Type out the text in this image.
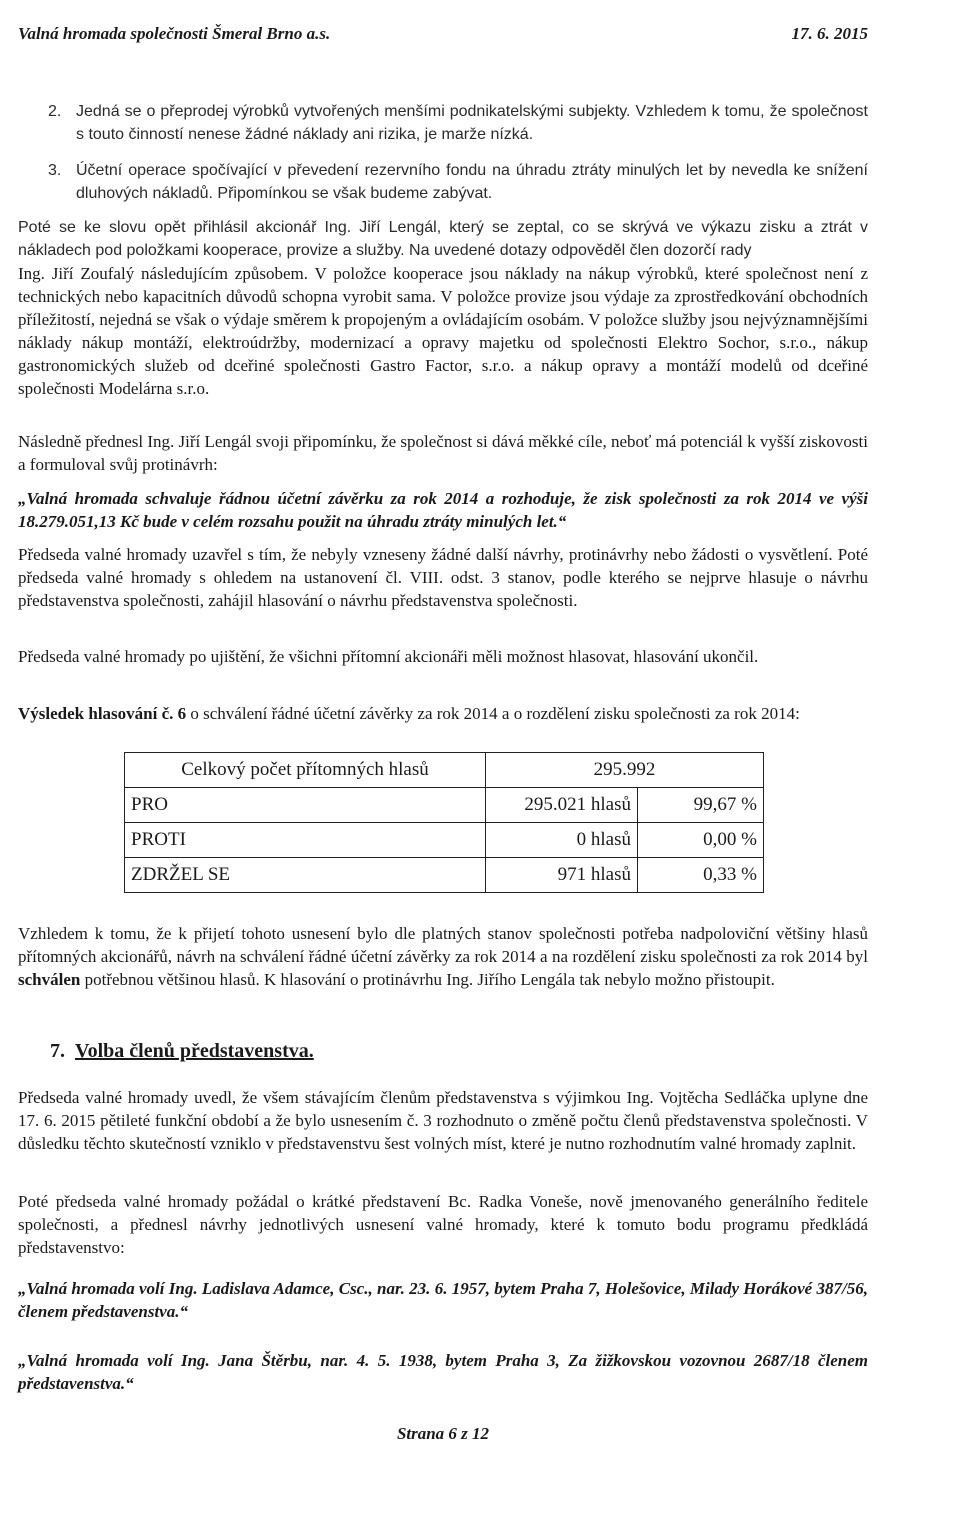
Valná hromada společnosti Šmeral Brno a.s.	17. 6. 2015
2. Jedná se o přeprodej výrobků vytvořených menšími podnikatelskými subjekty. Vzhledem k tomu, že společnost s touto činností nenese žádné náklady ani rizika, je marže nízká.
3. Účetní operace spočívající v převedení rezervního fondu na úhradu ztráty minulých let by nevedla ke snížení dluhových nákladů. Připomínkou se však budeme zabývat.
Poté se ke slovu opět přihlásil akcionář Ing. Jiří Lengál, který se zeptal, co se skrývá ve výkazu zisku a ztrát v nákladech pod položkami kooperace, provize a služby. Na uvedené dotazy odpověděl člen dozorčí rady
Ing. Jiří Zoufalý následujícím způsobem. V položce kooperace jsou náklady na nákup výrobků, které společnost není z technických nebo kapacitních důvodů schopna vyrobit sama. V položce provize jsou výdaje za zprostředkování obchodních příležitostí, nejedná se však o výdaje směrem k propojeným a ovládajícím osobám. V položce služby jsou nejvýznamnějšími náklady nákup montáží, elektroúdržby, modernizací a opravy majetku od společnosti Elektro Sochor, s.r.o., nákup gastronomických služeb od dceřiné společnosti Gastro Factor, s.r.o. a nákup opravy a montáží modelů od dceřiné společnosti Modelárna s.r.o.
Následně přednesl Ing. Jiří Lengál svoji připomínku, že společnost si dává měkké cíle, neboť má potenciál k vyšší ziskovosti a formuloval svůj protinávrh:
„Valná hromada schvaluje řádnou účetní závěrku za rok 2014 a rozhoduje, že zisk společnosti za rok 2014 ve výši 18.279.051,13 Kč bude v celém rozsahu použit na úhradu ztráty minulých let.“
Předseda valné hromady uzavřel s tím, že nebyly vzneseny žádné další návrhy, protinávrhy nebo žádosti o vysvětlení. Poté předseda valné hromady s ohledem na ustanovení čl. VIII. odst. 3 stanov, podle kterého se nejprve hlasuje o návrhu představenstva společnosti, zahájil hlasování o návrhu představenstva společnosti.
Předseda valné hromady po ujištění, že všichni přítomní akcionáři měli možnost hlasovat, hlasování ukončil.
Výsledek hlasování č. 6 o schválení řádné účetní závěrky za rok 2014 a o rozdělení zisku společnosti za rok 2014:
Celkový počet přítomných hlasů	295.992	
PRO	295.021 hlasů	99,67 %
PROTI	0 hlasů	0,00 %
ZDRŽEL SE	971 hlasů	0,33 %
Vzhledem k tomu, že k přijetí tohoto usnesení bylo dle platných stanov společnosti potřeba nadpoloviční většiny hlasů přítomných akcionářů, návrh na schválení řádné účetní závěrky za rok 2014 a na rozdělení zisku společnosti za rok 2014 byl schválen potřebnou většinou hlasů. K hlasování o protinávrhu Ing. Jiřího Lengála tak nebylo možno přistoupit.
7. Volba členů představenstva.
Předseda valné hromady uvedl, že všem stávajícím členům představenstva s výjimkou Ing. Vojtěcha Sedláčka uplyne dne 17. 6. 2015 pětileté funkční období a že bylo usnesením č. 3 rozhodnuto o změně počtu členů představenstva společnosti. V důsledku těchto skutečností vzniklo v představenstvu šest volných míst, které je nutno rozhodnutím valné hromady zaplnit.
Poté předseda valné hromady požádal o krátké představení Bc. Radka Voneše, nově jmenovaného generálního ředitele společnosti, a přednesl návrhy jednotlivých usnesení valné hromady, které k tomuto bodu programu předkládá představenstvo:
„Valná hromada volí Ing. Ladislava Adamce, Csc., nar. 23. 6. 1957, bytem Praha 7, Holešovice, Milady Horákové 387/56, členem představenstva.“
„Valná hromada volí Ing. Jana Štěrbu, nar. 4. 5. 1938, bytem Praha 3, Za žižkovskou vozovnou 2687/18 členem představenstva.“
Strana 6 z 12
